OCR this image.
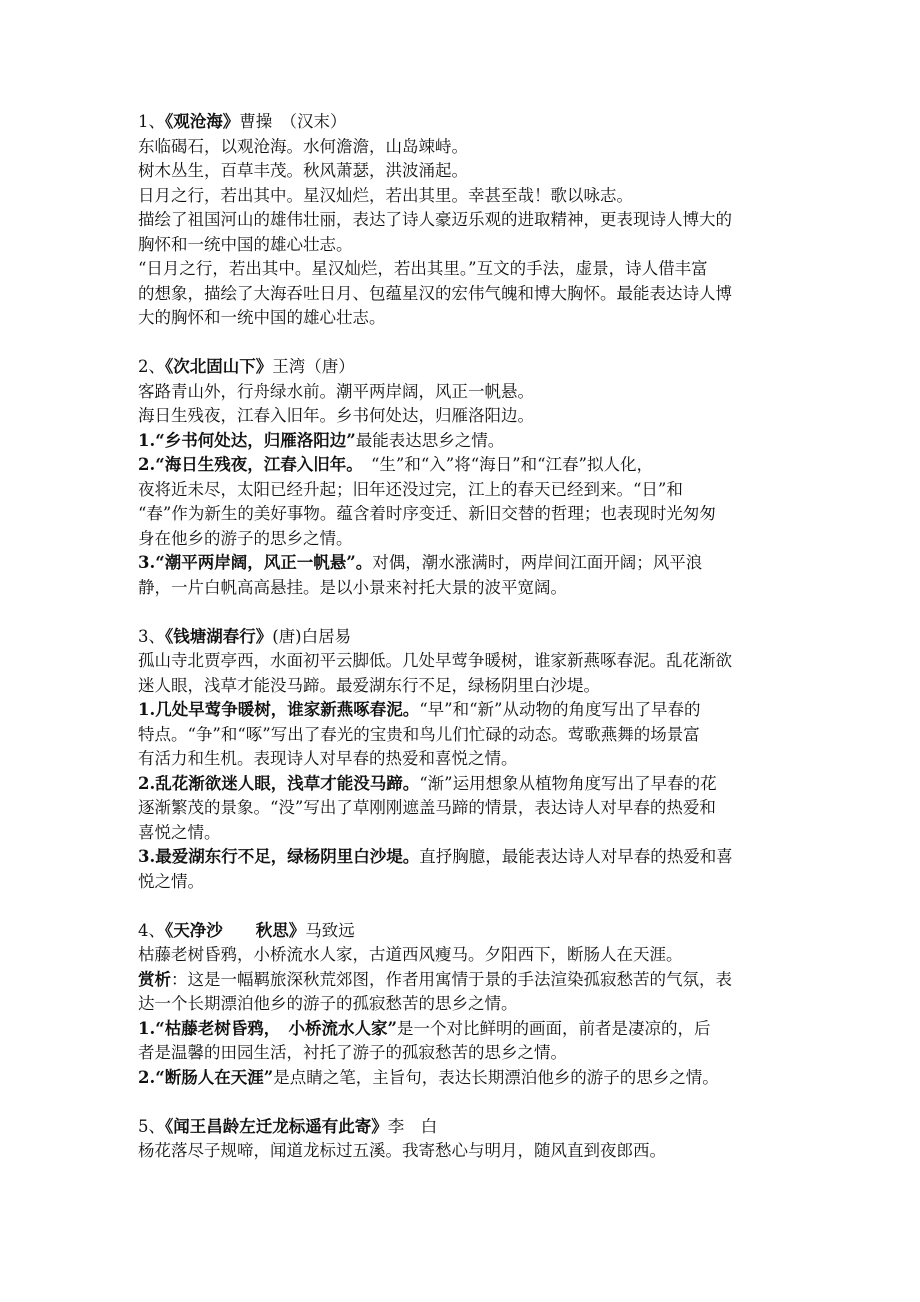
1、《观沧海》曹操　（汉末）
东临碣石，以观沧海。水何澹澹，山岛竦峙。
树木丛生，百草丰茂。秋风萧瑟，洪波涌起。
日月之行，若出其中。星汉灿烂，若出其里。幸甚至哉！歌以咏志。
描绘了祖国河山的雄伟壮丽，表达了诗人豪迈乐观的进取精神，更表现诗人博大的
胸怀和一统中国的雄心壮志。
“日月之行，若出其中。星汉灿烂，若出其里。”互文的手法，虚景，诗人借丰富
的想象，描绘了大海吞吐日月、包蕴星汉的宏伟气魄和博大胸怀。最能表达诗人博
大的胸怀和一统中国的雄心壮志。
2、《次北固山下》王湾（唐）
客路青山外，行舟绿水前。潮平两岸阔，风正一帆悬。
海日生残夜，江春入旧年。乡书何处达，归雁洛阳边。
1.“乡书何处达，归雁洛阳边”最能表达思乡之情。
2.“海日生残夜，江春入旧年。　“生”和“入”将“海日”和“江春”拟人化，
夜将近未尽，太阳已经升起；旧年还没过完，江上的春天已经到来。“日”和
“春”作为新生的美好事物。蕴含着时序变迁、新旧交替的哲理；也表现时光匆匆
身在他乡的游子的思乡之情。
3.“潮平两岸阔，风正一帆悬”。对偶，潮水涨满时，两岸间江面开阔；风平浪
静，一片白帆高高悬挂。是以小景来衬托大景的波平宽阔。
3、《钱塘湖春行》(唐)白居易
孤山寺北贾亭西，水面初平云脚低。几处早莺争暖树，谁家新燕啄春泥。乱花渐欲
迷人眼，浅草才能没马蹄。最爱湖东行不足，绿杨阴里白沙堤。
1.几处早莺争暖树，谁家新燕啄春泥。“早”和“新”从动物的角度写出了早春的
特点。“争”和“啄”写出了春光的宝贵和鸟儿们忙碌的动态。莺歌燕舞的场景富
有活力和生机。表现诗人对早春的热爱和喜悦之情。
2.乱花渐欲迷人眼，浅草才能没马蹄。“渐”运用想象从植物角度写出了早春的花
逐渐繁茂的景象。“没”写出了草刚刚遮盖马蹄的情景，表达诗人对早春的热爱和
喜悦之情。
3.最爱湖东行不足，绿杨阴里白沙堤。直抒胸臆，最能表达诗人对早春的热爱和喜
悦之情。
4、《天净沙　　秋思》马致远
枯藤老树昏鸦，小桥流水人家，古道西风瘦马。夕阳西下，断肠人在天涯。
赏析：这是一幅羁旅深秋荒郊图，作者用寓情于景的手法渲染孤寂愁苦的气氛，表
达一个长期漂泊他乡的游子的孤寂愁苦的思乡之情。
1.“枯藤老树昏鸦，　小桥流水人家”是一个对比鲜明的画面，前者是凄凉的，后
者是温馨的田园生活，衬托了游子的孤寂愁苦的思乡之情。
2.“断肠人在天涯”是点睛之笔，主旨句，表达长期漂泊他乡的游子的思乡之情。
5、《闻王昌龄左迁龙标遥有此寄》李　白
杨花落尽子规啼，闻道龙标过五溪。我寄愁心与明月，随风直到夜郎西。
